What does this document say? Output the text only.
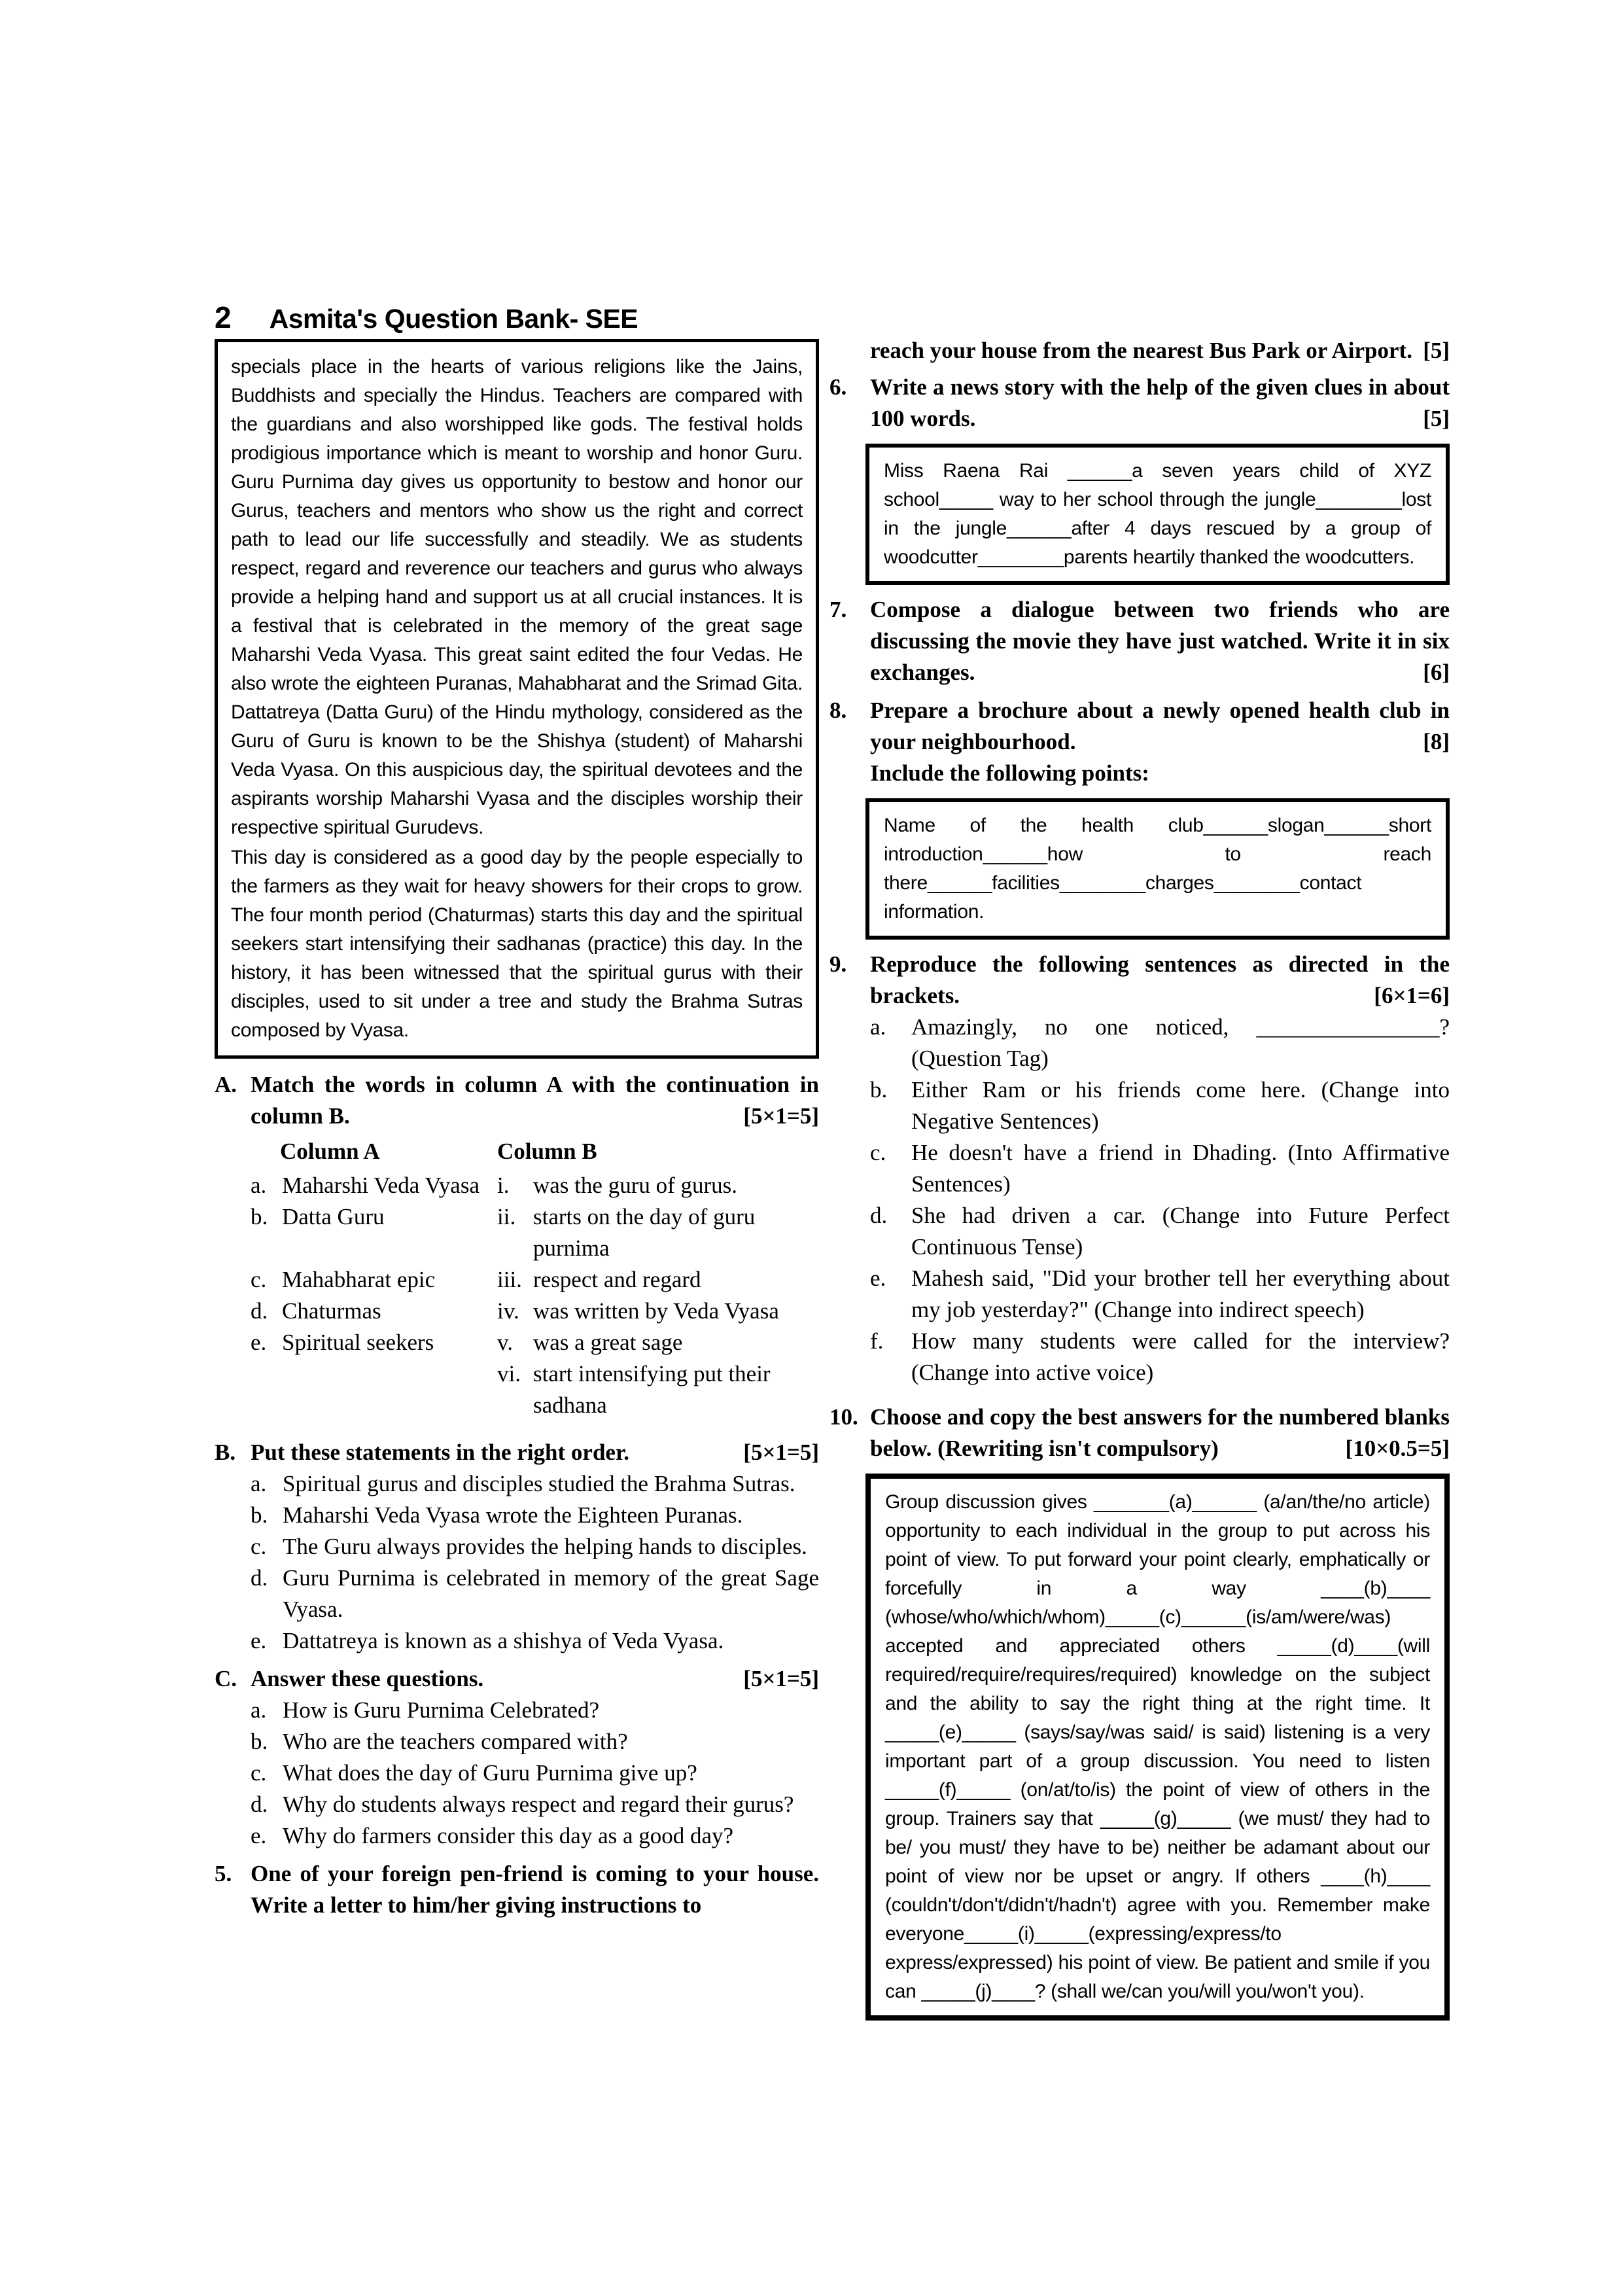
2 Asmita's Question Bank- SEE

specials place in the hearts of various religions like the Jains, Buddhists and specially the Hindus. Teachers are compared with the guardians and also worshipped like gods. The festival holds prodigious importance which is meant to worship and honor Guru. Guru Purnima day gives us opportunity to bestow and honor our Gurus, teachers and mentors who show us the right and correct path to lead our life successfully and steadily. We as students respect, regard and reverence our teachers and gurus who always provide a helping hand and support us at all crucial instances. It is a festival that is celebrated in the memory of the great sage Maharshi Veda Vyasa. This great saint edited the four Vedas. He also wrote the eighteen Puranas, Mahabharat and the Srimad Gita. Dattatreya (Datta Guru) of the Hindu mythology, considered as the Guru of Guru is known to be the Shishya (student) of Maharshi Veda Vyasa. On this auspicious day, the spiritual devotees and the aspirants worship Maharshi Vyasa and the disciples worship their respective spiritual Gurudevs.

This day is considered as a good day by the people especially to the farmers as they wait for heavy showers for their crops to grow. The four month period (Chaturmas) starts this day and the spiritual seekers start intensifying their sadhanas (practice) this day. In the history, it has been witnessed that the spiritual gurus with their disciples, used to sit under a tree and study the Brahma Sutras composed by Vyasa.

A. Match the words in column A with the continuation in column B.	[5×1=5]
Column A	Column B
a. Maharshi Veda Vyasa i. was the guru of gurus.
b. Datta Guru	ii. starts on the day of guru purnima
c. Mahabharat epic	iii. respect and regard
d. Chaturmas	iv. was written by Veda Vyasa
e. Spiritual seekers	v. was a great sage
vi. start intensifying put their sadhana
B. Put these statements in the right order.	[5×1=5]
a. Spiritual gurus and disciples studied the Brahma Sutras.
b. Maharshi Veda Vyasa wrote the Eighteen Puranas.
c. The Guru always provides the helping hands to disciples.
d. Guru Purnima is celebrated in memory of the great Sage Vyasa.
e. Dattatreya is known as a shishya of Veda Vyasa.
C. Answer these questions.	[5×1=5]
a. How is Guru Purnima Celebrated?
b. Who are the teachers compared with?
c. What does the day of Guru Purnima give up?
d. Why do students always respect and regard their gurus?
e. Why do farmers consider this day as a good day?
5. One of your foreign pen-friend is coming to your house. Write a letter to him/her giving instructions to
reach your house from the nearest Bus Park or Airport. [5]
6. Write a news story with the help of the given clues in about 100 words.	[5]

Miss Raena Rai ______a seven years child of XYZ school_____ way to her school through the jungle________lost in the jungle______after 4 days rescued by a group of woodcutter________parents heartily thanked the woodcutters.

7. Compose a dialogue between two friends who are discussing the movie they have just watched. Write it in six exchanges.	[6]
8. Prepare a brochure about a newly opened health club in your neighbourhood.	[8]
Include the following points:

Name of the health club______slogan______short introduction______how to reach there______facilities________charges________contact information.

9. Reproduce the following sentences as directed in the brackets.	[6×1=6]
a. Amazingly, no one noticed, ________________? (Question Tag)
b. Either Ram or his friends come here. (Change into Negative Sentences)
c. He doesn't have a friend in Dhading. (Into Affirmative Sentences)
d. She had driven a car. (Change into Future Perfect Continuous Tense)
e. Mahesh said, "Did your brother tell her everything about my job yesterday?" (Change into indirect speech)
f. How many students were called for the interview? (Change into active voice)
10. Choose and copy the best answers for the numbered blanks below. (Rewriting isn't compulsory)	[10×0.5=5]

Group discussion gives _______(a)______ (a/an/the/no article) opportunity to each individual in the group to put across his point of view. To put forward your point clearly, emphatically or forcefully in a way ____(b)____ (whose/who/which/whom)_____(c)______(is/am/were/was) accepted and appreciated others _____(d)____(will required/require/requires/required) knowledge on the subject and the ability to say the right thing at the right time. It _____(e)_____ (says/say/was said/ is said) listening is a very important part of a group discussion. You need to listen _____(f)_____ (on/at/to/is) the point of view of others in the group. Trainers say that _____(g)_____ (we must/ they had to be/ you must/ they have to be) neither be adamant about our point of view nor be upset or angry. If others ____(h)____ (couldn't/don't/didn't/hadn't) agree with you. Remember make everyone_____(i)_____(expressing/express/to express/expressed) his point of view. Be patient and smile if you can _____(j)____? (shall we/can you/will you/won't you).
